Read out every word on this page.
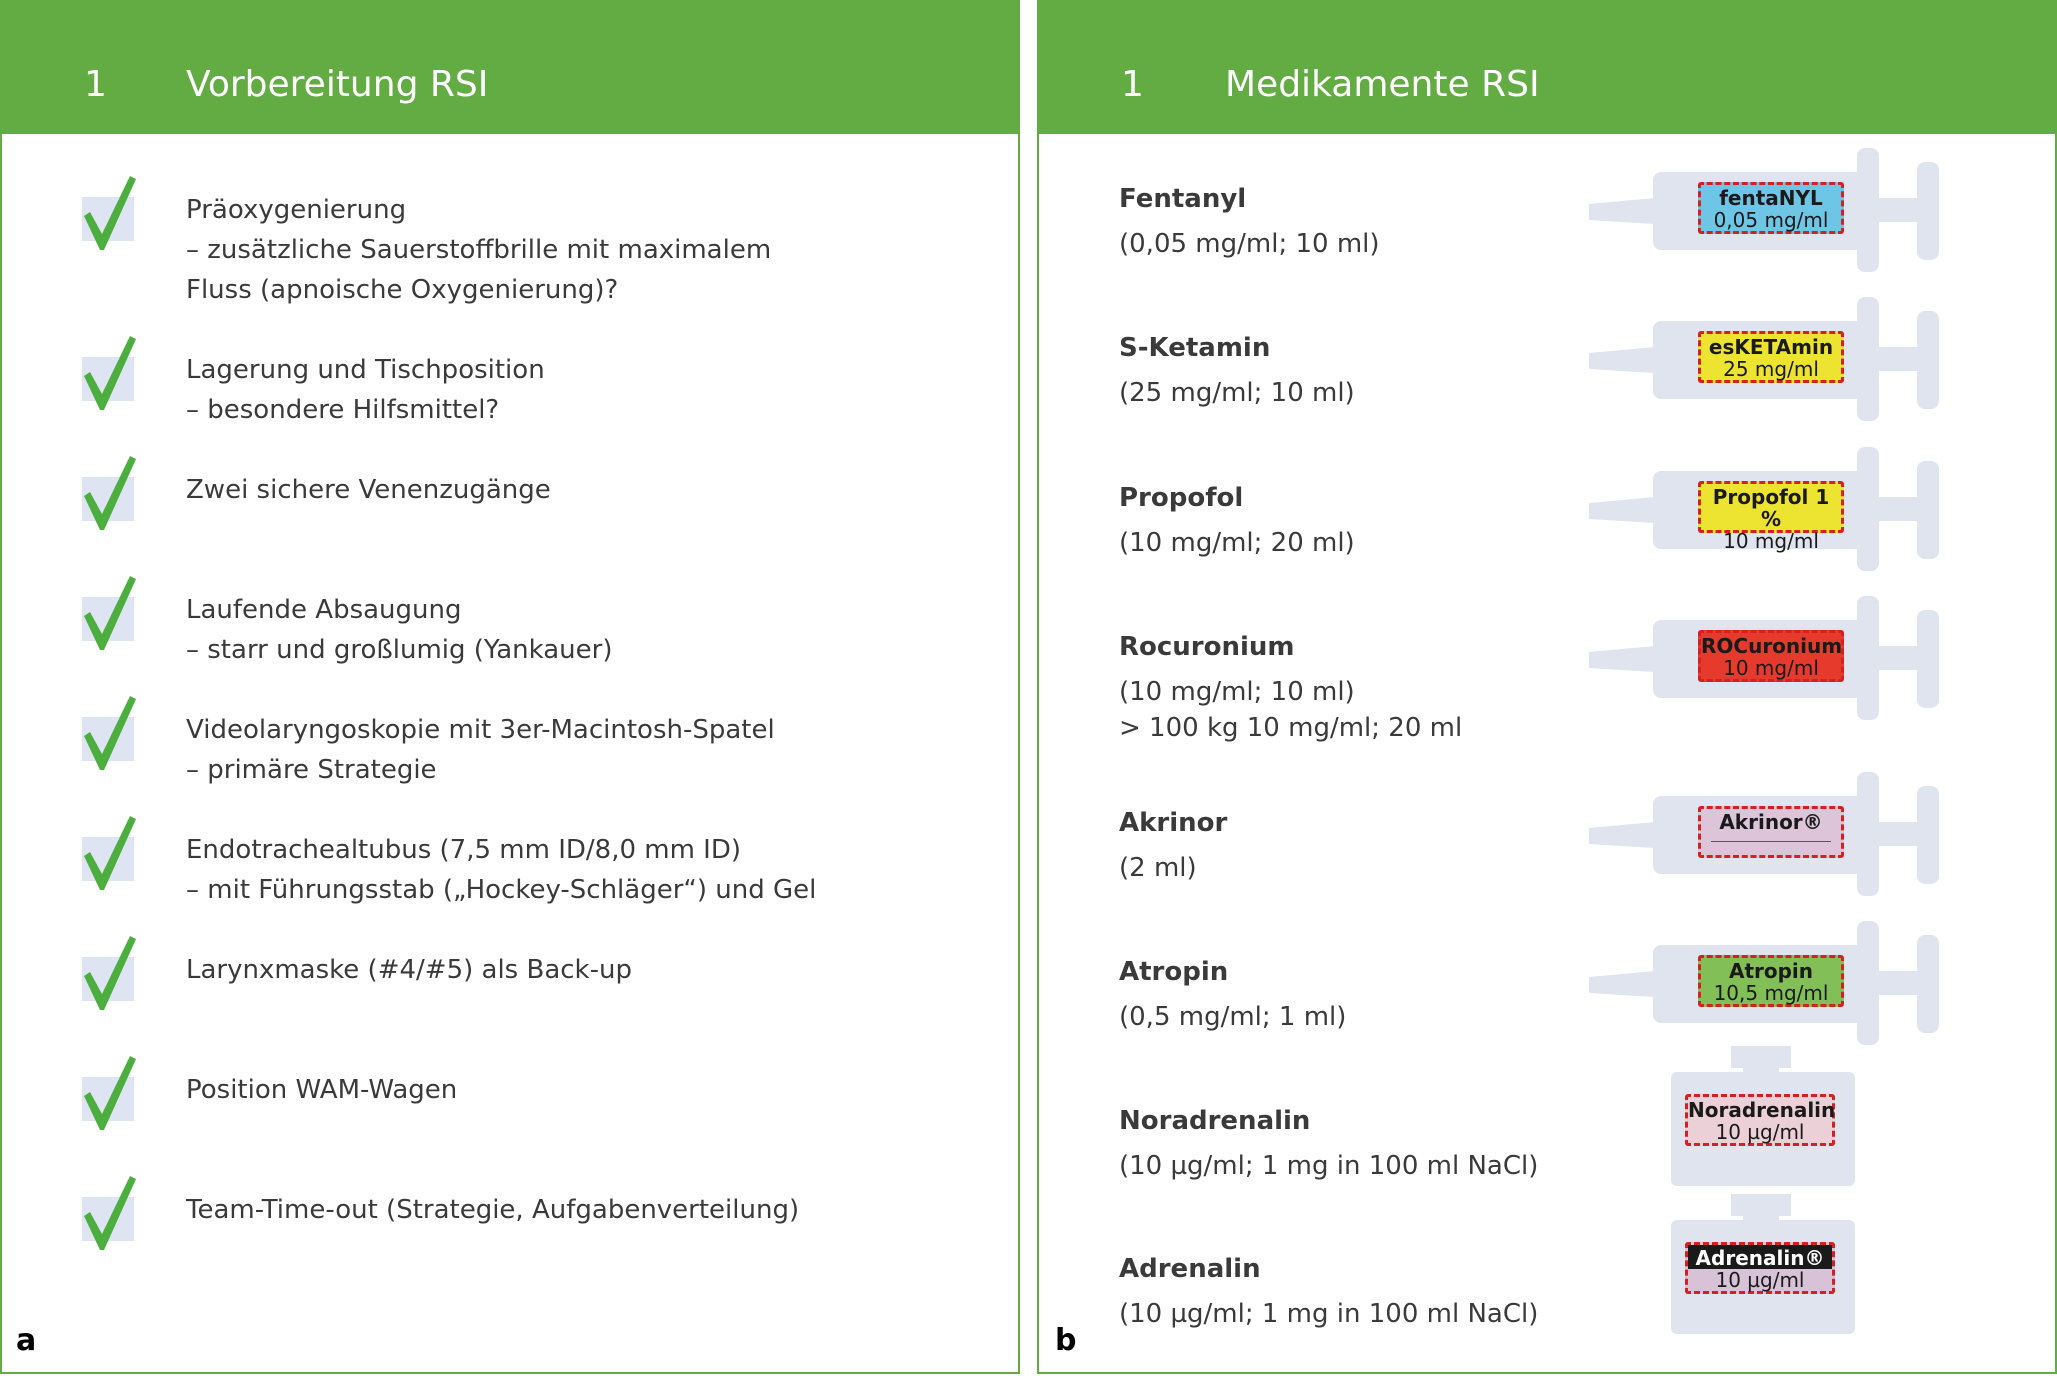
1 Vorbereitung RSI
Präoxygenierung
– zusätzliche Sauerstoffbrille mit maximalem
Fluss (apnoische Oxygenierung)?
Lagerung und Tischposition
– besondere Hilfsmittel?
Zwei sichere Venenzugänge
Laufende Absaugung
– starr und großlumig (Yankauer)
Videolaryngoskopie mit 3er-Macintosh-Spatel
– primäre Strategie
Endotrachealtubus (7,5 mm ID/8,0 mm ID)
– mit Führungsstab („Hockey-Schläger“) und Gel
Larynxmaske (#4/#5) als Back-up
Position WAM-Wagen
Team-Time-out (Strategie, Aufgabenverteilung)
a
1 Medikamente RSI
Fentanyl
(0,05 mg/ml; 10 ml)
fentaNYL
0,05 mg/ml
S-Ketamin
(25 mg/ml; 10 ml)
esKETAmin
25 mg/ml
Propofol
(10 mg/ml; 20 ml)
Propofol 1 %
10 mg/ml
Rocuronium
(10 mg/ml; 10 ml)
> 100 kg 10 mg/ml; 20 ml
ROCuronium
10 mg/ml
Akrinor
(2 ml)
Akrinor®
Atropin
(0,5 mg/ml; 1 ml)
Atropin
10,5 mg/ml
Noradrenalin
(10 µg/ml; 1 mg in 100 ml NaCl)
Noradrenalin
10 µg/ml
Adrenalin
(10 µg/ml; 1 mg in 100 ml NaCl)
Adrenalin®
10 µg/ml
b
